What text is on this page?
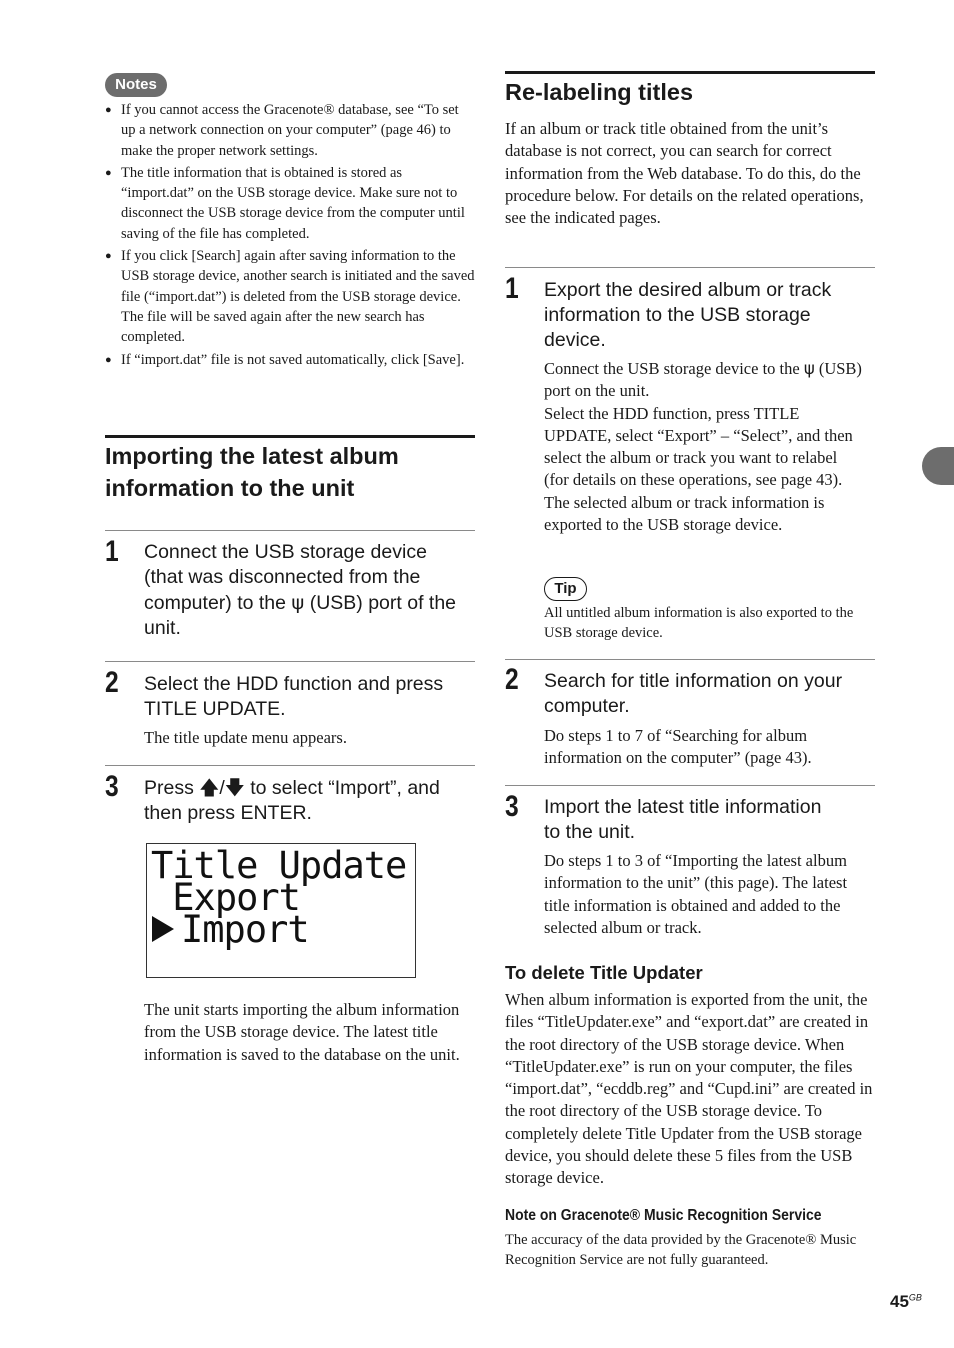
Notes
● If you cannot access the Gracenote® database, see “To set up a network connection on your computer” (page 46) to make the proper network settings.
● The title information that is obtained is stored as “import.dat” on the USB storage device. Make sure not to disconnect the USB storage device from the computer until saving of the file has completed.
● If you click [Search] again after saving information to the USB storage device, another search is initiated and the saved file (“import.dat”) is deleted from the USB storage device. The file will be saved again after the new search has completed.
● If “import.dat” file is not saved automatically, click [Save].
Importing the latest album
information to the unit
1 Connect the USB storage device
(that was disconnected from the
computer) to the ψ (USB) port of the
unit.
2 Select the HDD function and press
TITLE UPDATE.
The title update menu appears.
3 Press 🡅/🡇 to select “Import”, and
then press ENTER.
Title Update
Export
Import
The unit starts importing the album information from the USB storage device. The latest title information is saved to the database on the unit.
Re-labeling titles
If an album or track title obtained from the unit’s database is not correct, you can search for correct information from the Web database. To do this, do the procedure below. For details on the related operations, see the indicated pages.
1 Export the desired album or track
information to the USB storage
device.
Connect the USB storage device to the ψ (USB) port on the unit.
Select the HDD function, press TITLE UPDATE, select “Export” – “Select”, and then select the album or track you want to relabel (for details on these operations, see page 43).
The selected album or track information is exported to the USB storage device.
Tip
All untitled album information is also exported to the USB storage device.
2 Search for title information on your
computer.
Do steps 1 to 7 of “Searching for album information on the computer” (page 43).
3 Import the latest title information
to the unit.
Do steps 1 to 3 of “Importing the latest album information to the unit” (this page). The latest title information is obtained and added to the selected album or track.
To delete Title Updater
When album information is exported from the unit, the files “TitleUpdater.exe” and “export.dat” are created in the root directory of the USB storage device. When “TitleUpdater.exe” is run on your computer, the files “import.dat”, “ecddb.reg” and “Cupd.ini” are created in the root directory of the USB storage device. To completely delete Title Updater from the USB storage device, you should delete these 5 files from the USB storage device.
Note on Gracenote® Music Recognition Service
The accuracy of the data provided by the Gracenote® Music Recognition Service are not fully guaranteed.
$45^{GB}$
